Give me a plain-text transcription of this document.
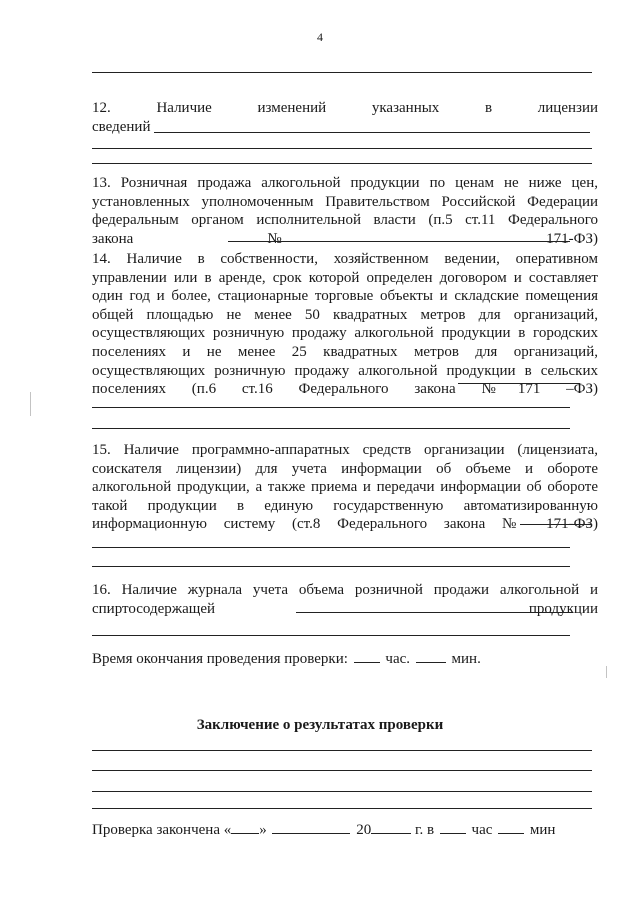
4
12. Наличие изменений указанных в лицензии
сведений
13. Розничная продажа алкогольной продукции по ценам не ниже цен,
установленных уполномоченным Правительством Российской Федерации
федеральным органом исполнительной власти (п.5 ст.11 Федерального
закона № 171-ФЗ)
14. Наличие в собственности, хозяйственном ведении, оперативном
управлении или в аренде, срок которой определен договором и составляет
один год и более, стационарные торговые объекты и складские помещения
общей площадью не менее 50 квадратных метров для организаций,
осуществляющих розничную продажу алкогольной продукции в городских
поселениях и не менее 25 квадратных метров для организаций,
осуществляющих розничную продажу алкогольной продукции в сельских
поселениях (п.6 ст.16 Федерального закона №171 –ФЗ)
15. Наличие программно-аппаратных средств организации (лицензиата,
соискателя лицензии) для учета информации об объеме и обороте
алкогольной продукции, а также приема и передачи информации об обороте
такой продукции в единую государственную автоматизированную
информационную систему (ст.8 Федерального закона № 171-ФЗ)
16. Наличие журнала учета объема розничной продажи алкогольной и
спиртосодержащей продукции
Время окончания проведения проверки:	час.	мин.
Заключение о результатах проверки
Проверка закончена « »	20	г. в	час	мин
